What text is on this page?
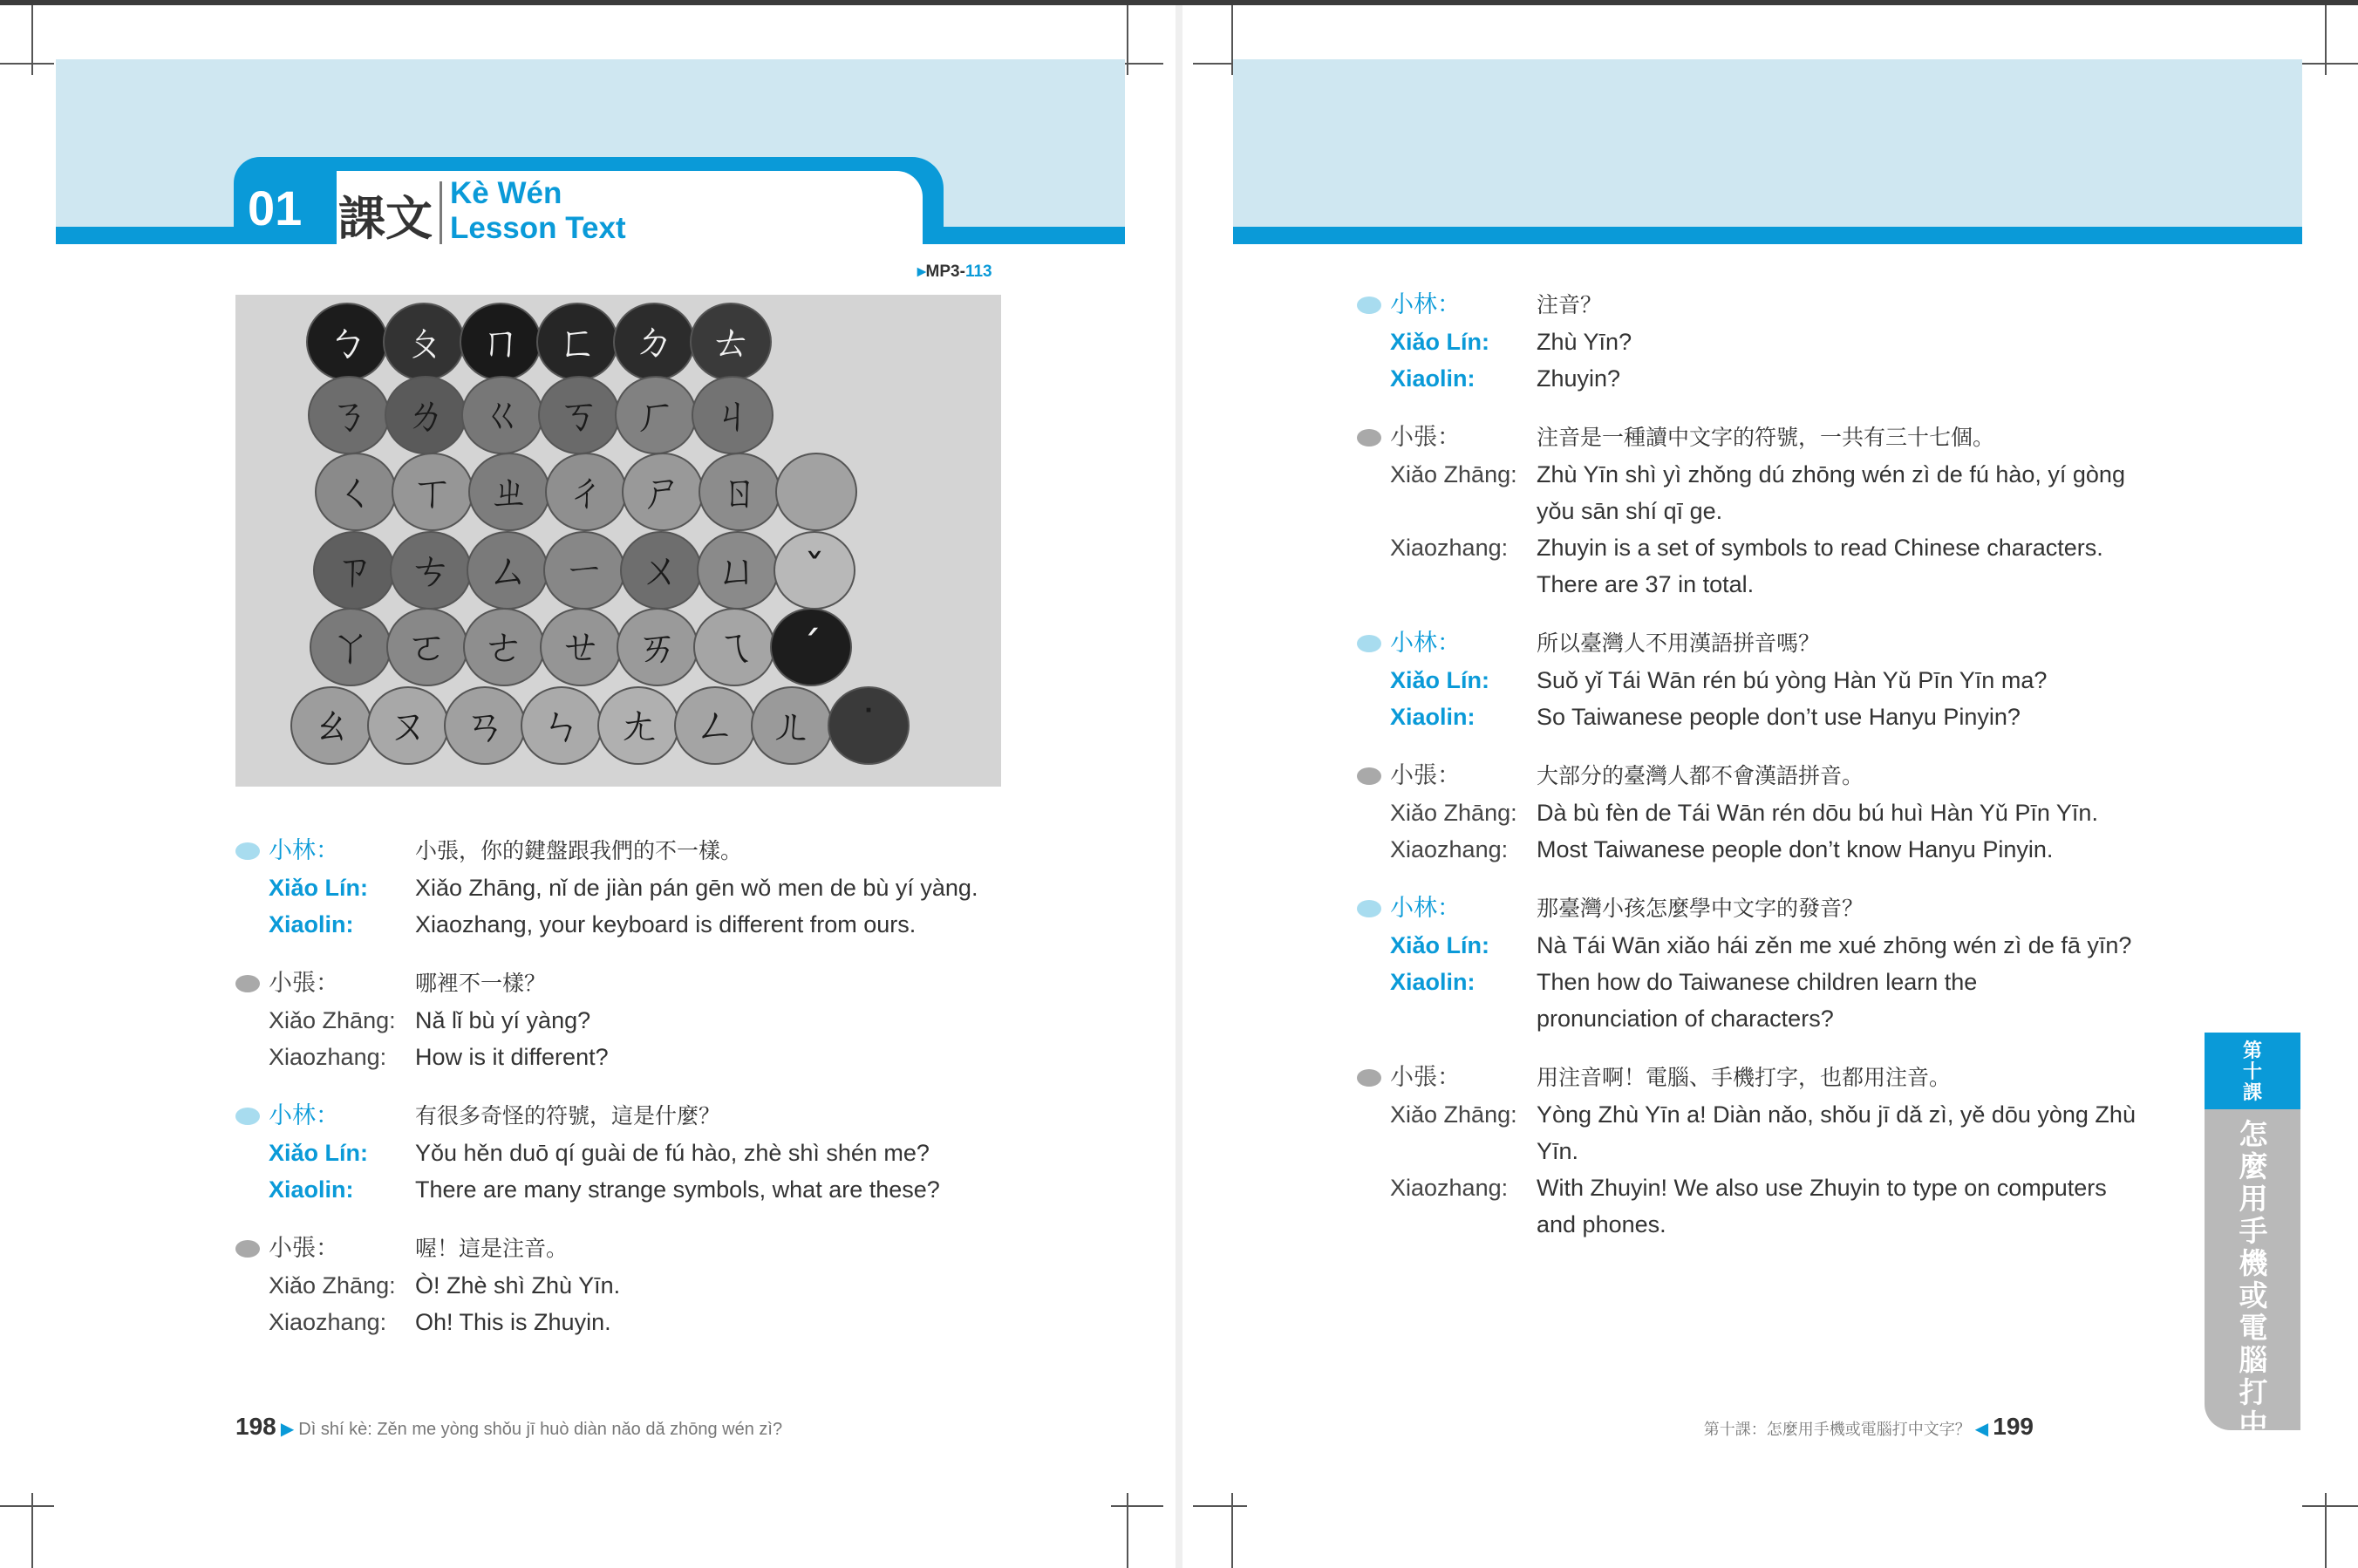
01 課文 Kè Wén
Lesson Text
▸MP3-113
ㄅ ㄆ ㄇ ㄈ ㄉ ㄊ
ㄋ ㄌ ㄍ ㄎ ㄏ ㄐ
ㄑ ㄒ ㄓ ㄔ ㄕ ㄖ
ㄗ ㄘ ㄙ ㄧ ㄨ ㄩ ˇ
ㄚ ㄛ ㄜ ㄝ ㄞ ㄟ ˊ
ㄠ ㄡ ㄢ ㄣ ㄤ ㄥ ㄦ ˙
小林：	小張，你的鍵盤跟我們的不一樣。
Xiǎo Lín: Xiǎo Zhāng, nǐ de jiàn pán gēn wǒ men de bù yí yàng.
Xiaolin:	Xiaozhang, your keyboard is different from ours.
小張：	哪裡不一樣？
Xiǎo Zhāng: Nǎ lǐ bù yí yàng?
Xiaozhang: How is it different?
小林：	有很多奇怪的符號，這是什麼？
Xiǎo Lín: Yǒu hěn duō qí guài de fú hào, zhè shì shén me?
Xiaolin:	There are many strange symbols, what are these?
小張：	喔！這是注音。
Xiǎo Zhāng: Ò! Zhè shì Zhù Yīn.
Xiaozhang: Oh! This is Zhuyin.
小林：	注音？
Xiǎo Lín: Zhù Yīn?
Xiaolin:	Zhuyin?
小張：	注音是一種讀中文字的符號，一共有三十七個。
Xiǎo Zhāng: Zhù Yīn shì yì zhǒng dú zhōng wén zì de fú hào, yí gòng
yǒu sān shí qī ge.
Xiaozhang: Zhuyin is a set of symbols to read Chinese characters.
There are 37 in total.
小林：	所以臺灣人不用漢語拼音嗎？
Xiǎo Lín: Suǒ yǐ Tái Wān rén bú yòng Hàn Yǔ Pīn Yīn ma?
Xiaolin:	So Taiwanese people don’t use Hanyu Pinyin?
小張：	大部分的臺灣人都不會漢語拼音。
Xiǎo Zhāng: Dà bù fèn de Tái Wān rén dōu bú huì Hàn Yǔ Pīn Yīn.
Xiaozhang: Most Taiwanese people don’t know Hanyu Pinyin.
小林：	那臺灣小孩怎麼學中文字的發音？
Xiǎo Lín: Nà Tái Wān xiǎo hái zěn me xué zhōng wén zì de fā yīn?
Xiaolin:	Then how do Taiwanese children learn the
pronunciation of characters?
小張：	用注音啊！電腦、手機打字，也都用注音。
Xiǎo Zhāng: Yòng Zhù Yīn a! Diàn nǎo, shǒu jī dǎ zì, yě dōu yòng Zhù
Yīn.
Xiaozhang: With Zhuyin! We also use Zhuyin to type on computers
and phones.
198 ▶ Dì shí kè: Zěn me yòng shǒu jī huò diàn nǎo dǎ zhōng wén zì?	第十課：怎麼用手機或電腦打中文字？ ◀ 199
第十課
怎麼用手機或電腦打中文字？
